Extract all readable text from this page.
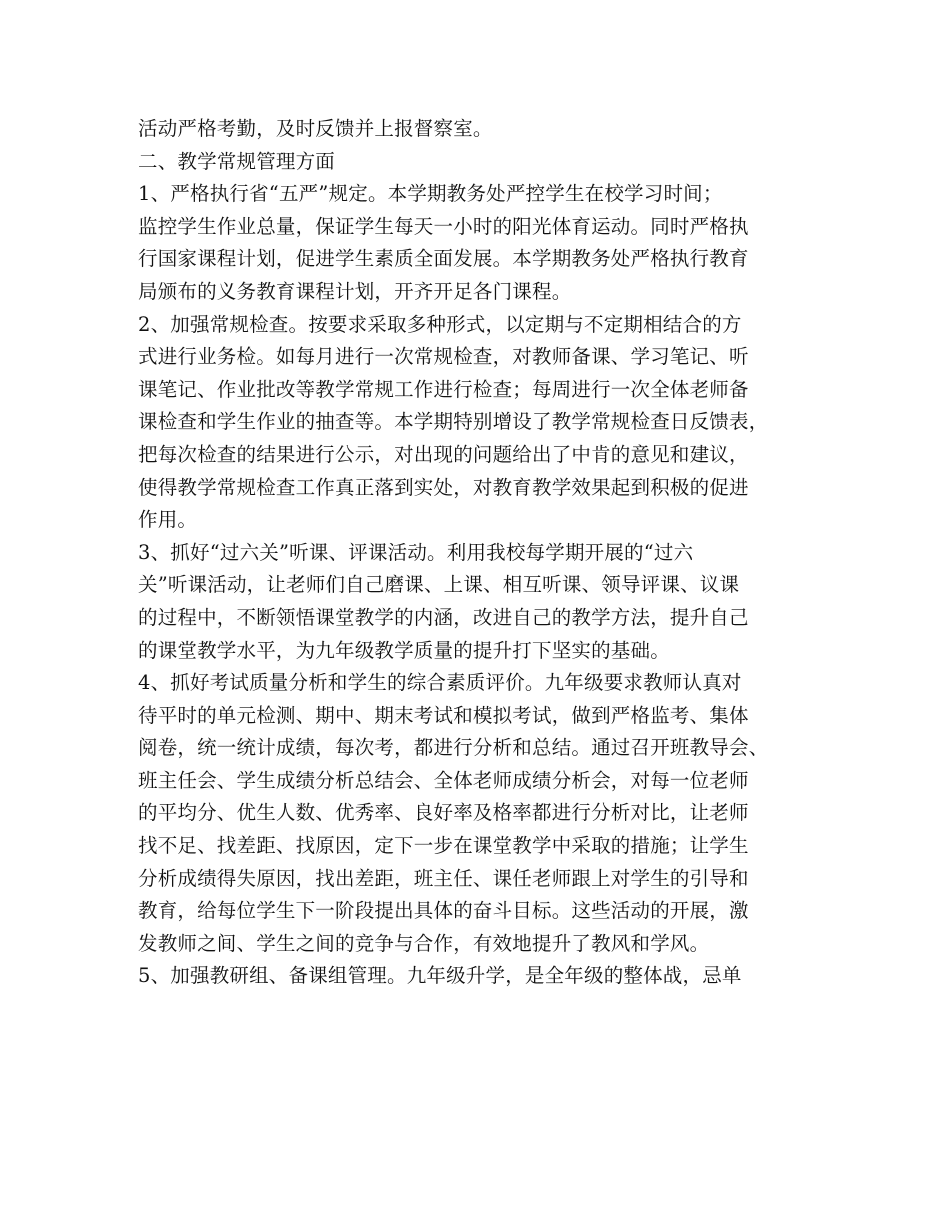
活动严格考勤，及时反馈并上报督察室。
二、教学常规管理方面
1、严格执行省“五严”规定。本学期教务处严控学生在校学习时间；
监控学生作业总量，保证学生每天一小时的阳光体育运动。同时严格执
行国家课程计划，促进学生素质全面发展。本学期教务处严格执行教育
局颁布的义务教育课程计划，开齐开足各门课程。
2、加强常规检查。按要求采取多种形式，以定期与不定期相结合的方
式进行业务检。如每月进行一次常规检查，对教师备课、学习笔记、听
课笔记、作业批改等教学常规工作进行检查；每周进行一次全体老师备
课检查和学生作业的抽查等。本学期特别增设了教学常规检查日反馈表，
把每次检查的结果进行公示，对出现的问题给出了中肯的意见和建议，
使得教学常规检查工作真正落到实处，对教育教学效果起到积极的促进
作用。
3、抓好“过六关”听课、评课活动。利用我校每学期开展的“过六
关”听课活动，让老师们自己磨课、上课、相互听课、领导评课、议课
的过程中，不断领悟课堂教学的内涵，改进自己的教学方法，提升自己
的课堂教学水平，为九年级教学质量的提升打下坚实的基础。
4、抓好考试质量分析和学生的综合素质评价。九年级要求教师认真对
待平时的单元检测、期中、期末考试和模拟考试，做到严格监考、集体
阅卷，统一统计成绩，每次考，都进行分析和总结。通过召开班教导会、
班主任会、学生成绩分析总结会、全体老师成绩分析会，对每一位老师
的平均分、优生人数、优秀率、良好率及格率都进行分析对比，让老师
找不足、找差距、找原因，定下一步在课堂教学中采取的措施；让学生
分析成绩得失原因，找出差距，班主任、课任老师跟上对学生的引导和
教育，给每位学生下一阶段提出具体的奋斗目标。这些活动的开展，激
发教师之间、学生之间的竞争与合作，有效地提升了教风和学风。
5、加强教研组、备课组管理。九年级升学，是全年级的整体战，忌单
